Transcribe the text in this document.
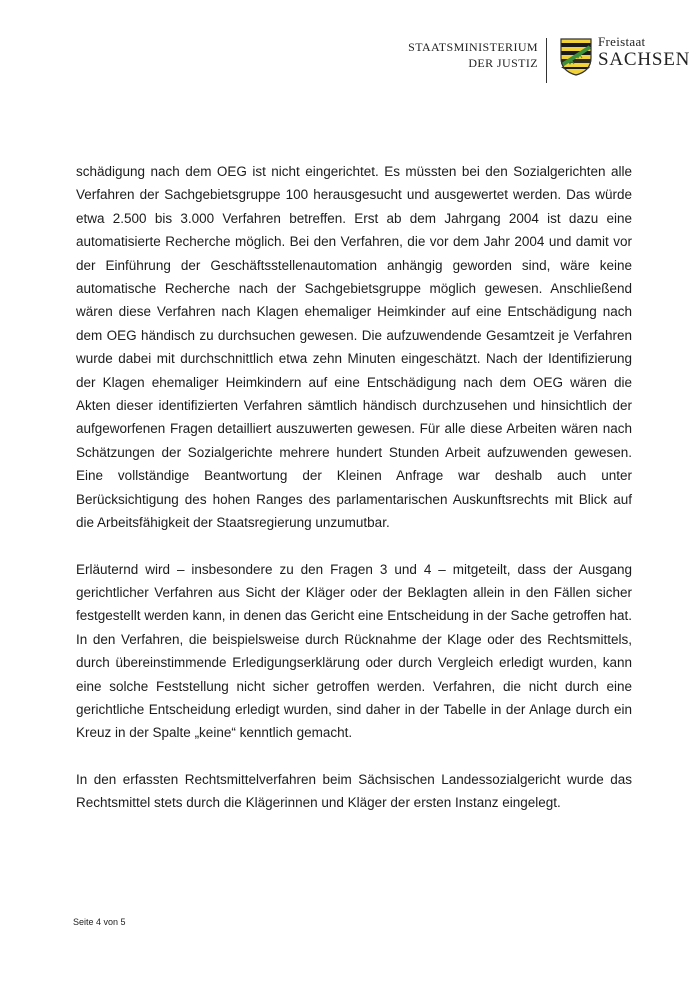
STAATSMINISTERIUM
DER JUSTIZ
Freistaat
SACHSEN

schädigung nach dem OEG ist nicht eingerichtet. Es müssten bei den Sozialgerichten alle Verfahren der Sachgebietsgruppe 100 herausgesucht und ausgewertet werden. Das würde etwa 2.500 bis 3.000 Verfahren betreffen. Erst ab dem Jahrgang 2004 ist dazu eine automatisierte Recherche möglich. Bei den Verfahren, die vor dem Jahr 2004 und damit vor der Einführung der Geschäftsstellenautomation anhängig geworden sind, wäre keine automatische Recherche nach der Sachgebietsgruppe möglich gewesen. Anschließend wären diese Verfahren nach Klagen ehemaliger Heimkinder auf eine Entschädigung nach dem OEG händisch zu durchsuchen gewesen. Die aufzuwendende Gesamtzeit je Verfahren wurde dabei mit durchschnittlich etwa zehn Minuten eingeschätzt. Nach der Identifizierung der Klagen ehemaliger Heimkindern auf eine Entschädigung nach dem OEG wären die Akten dieser identifizierten Verfahren sämtlich händisch durchzusehen und hinsichtlich der aufgeworfenen Fragen detailliert auszuwerten gewesen. Für alle diese Arbeiten wären nach Schätzungen der Sozialgerichte mehrere hundert Stunden Arbeit aufzuwenden gewesen. Eine vollständige Beantwortung der Kleinen Anfrage war deshalb auch unter Berücksichtigung des hohen Ranges des parlamentarischen Auskunftsrechts mit Blick auf die Arbeitsfähigkeit der Staatsregierung unzumutbar.

Erläuternd wird – insbesondere zu den Fragen 3 und 4 – mitgeteilt, dass der Ausgang gerichtlicher Verfahren aus Sicht der Kläger oder der Beklagten allein in den Fällen sicher festgestellt werden kann, in denen das Gericht eine Entscheidung in der Sache getroffen hat. In den Verfahren, die beispielsweise durch Rücknahme der Klage oder des Rechtsmittels, durch übereinstimmende Erledigungserklärung oder durch Vergleich erledigt wurden, kann eine solche Feststellung nicht sicher getroffen werden. Verfahren, die nicht durch eine gerichtliche Entscheidung erledigt wurden, sind daher in der Tabelle in der Anlage durch ein Kreuz in der Spalte „keine“ kenntlich gemacht.

In den erfassten Rechtsmittelverfahren beim Sächsischen Landessozialgericht wurde das Rechtsmittel stets durch die Klägerinnen und Kläger der ersten Instanz eingelegt.

Seite 4 von 5
